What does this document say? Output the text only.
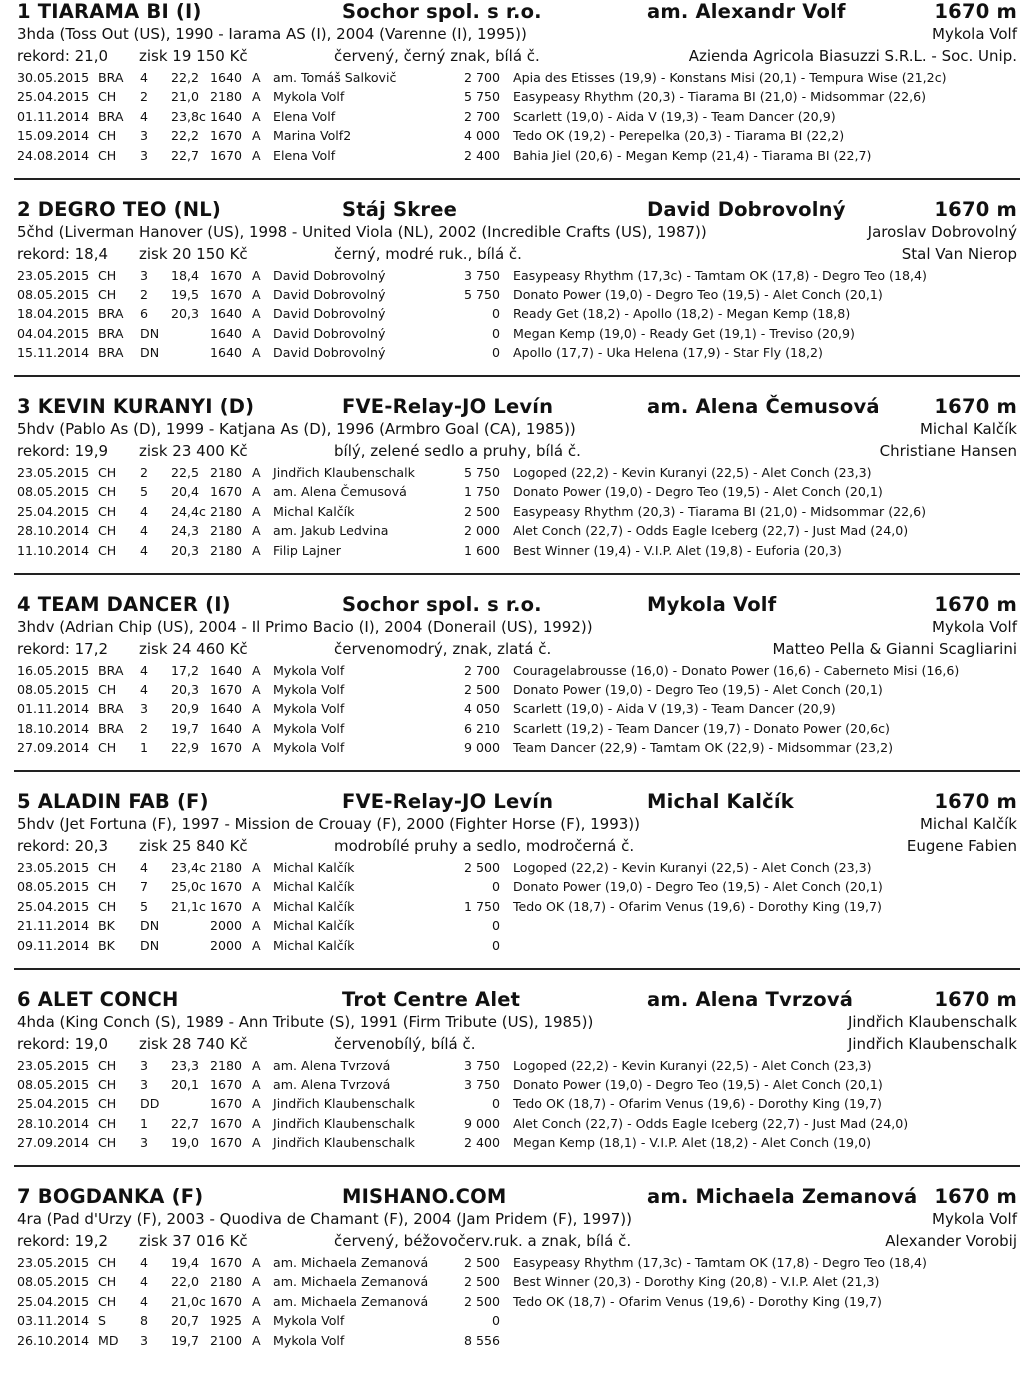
1 TIARAMA BI (I)	Sochor spol. s r.o.	am. Alexandr Volf	1670 m
3hda (Toss Out (US), 1990 - Iarama AS (I), 2004 (Varenne (I), 1995))	Mykola Volf
rekord: 21,0 zisk 19 150 Kč	červený, černý znak, bílá č.	Azienda Agricola Biasuzzi S.R.L. - Soc. Unip.
30.05.2015 BRA 4 22,2 1640 A am. Tomáš Salkovič	2 700 Apia des Etisses (19,9) - Konstans Misi (20,1) - Tempura Wise (21,2c)
25.04.2015 CH 2 21,0 2180 A Mykola Volf	5 750 Easypeasy Rhythm (20,3) - Tiarama BI (21,0) - Midsommar (22,6)
01.11.2014 BRA 4 23,8c 1640 A Elena Volf	2 700 Scarlett (19,0) - Aida V (19,3) - Team Dancer (20,9)
15.09.2014 CH 3 22,2 1670 A Marina Volf2	4 000 Tedo OK (19,2) - Perepelka (20,3) - Tiarama BI (22,2)
24.08.2014 CH 3 22,7 1670 A Elena Volf	2 400 Bahia Jiel (20,6) - Megan Kemp (21,4) - Tiarama BI (22,7)
2 DEGRO TEO (NL)	Stáj Skree	David Dobrovolný	1670 m
5čhd (Liverman Hanover (US), 1998 - United Viola (NL), 2002 (Incredible Crafts (US), 1987))	Jaroslav Dobrovolný
rekord: 18,4 zisk 20 150 Kč	černý, modré ruk., bílá č.	Stal Van Nierop
23.05.2015 CH 3 18,4 1670 A David Dobrovolný	3 750 Easypeasy Rhythm (17,3c) - Tamtam OK (17,8) - Degro Teo (18,4)
08.05.2015 CH 2 19,5 1670 A David Dobrovolný	5 750 Donato Power (19,0) - Degro Teo (19,5) - Alet Conch (20,1)
18.04.2015 BRA 6 20,3 1640 A David Dobrovolný	0 Ready Get (18,2) - Apollo (18,2) - Megan Kemp (18,8)
04.04.2015 BRA DN	1640 A David Dobrovolný	0 Megan Kemp (19,0) - Ready Get (19,1) - Treviso (20,9)
15.11.2014 BRA DN	1640 A David Dobrovolný	0 Apollo (17,7) - Uka Helena (17,9) - Star Fly (18,2)
3 KEVIN KURANYI (D)	FVE-Relay-JO Levín	am. Alena Čemusová	1670 m
5hdv (Pablo As (D), 1999 - Katjana As (D), 1996 (Armbro Goal (CA), 1985))	Michal Kalčík
rekord: 19,9 zisk 23 400 Kč	bílý, zelené sedlo a pruhy, bílá č.	Christiane Hansen
23.05.2015 CH 2 22,5 2180 A Jindřich Klaubenschalk	5 750 Logoped (22,2) - Kevin Kuranyi (22,5) - Alet Conch (23,3)
08.05.2015 CH 5 20,4 1670 A am. Alena Čemusová	1 750 Donato Power (19,0) - Degro Teo (19,5) - Alet Conch (20,1)
25.04.2015 CH 4 24,4c 2180 A Michal Kalčík	2 500 Easypeasy Rhythm (20,3) - Tiarama BI (21,0) - Midsommar (22,6)
28.10.2014 CH 4 24,3 2180 A am. Jakub Ledvina	2 000 Alet Conch (22,7) - Odds Eagle Iceberg (22,7) - Just Mad (24,0)
11.10.2014 CH 4 20,3 2180 A Filip Lajner	1 600 Best Winner (19,4) - V.I.P. Alet (19,8) - Euforia (20,3)
4 TEAM DANCER (I)	Sochor spol. s r.o.	Mykola Volf	1670 m
3hdv (Adrian Chip (US), 2004 - Il Primo Bacio (I), 2004 (Donerail (US), 1992))	Mykola Volf
rekord: 17,2 zisk 24 460 Kč	červenomodrý, znak, zlatá č.	Matteo Pella & Gianni Scagliarini
16.05.2015 BRA 4 17,2 1640 A Mykola Volf	2 700 Couragelabrousse (16,0) - Donato Power (16,6) - Caberneto Misi (16,6)
08.05.2015 CH 4 20,3 1670 A Mykola Volf	2 500 Donato Power (19,0) - Degro Teo (19,5) - Alet Conch (20,1)
01.11.2014 BRA 3 20,9 1640 A Mykola Volf	4 050 Scarlett (19,0) - Aida V (19,3) - Team Dancer (20,9)
18.10.2014 BRA 2 19,7 1640 A Mykola Volf	6 210 Scarlett (19,2) - Team Dancer (19,7) - Donato Power (20,6c)
27.09.2014 CH 1 22,9 1670 A Mykola Volf	9 000 Team Dancer (22,9) - Tamtam OK (22,9) - Midsommar (23,2)
5 ALADIN FAB (F)	FVE-Relay-JO Levín	Michal Kalčík	1670 m
5hdv (Jet Fortuna (F), 1997 - Mission de Crouay (F), 2000 (Fighter Horse (F), 1993))	Michal Kalčík
rekord: 20,3 zisk 25 840 Kč	modrobílé pruhy a sedlo, modročerná č.	Eugene Fabien
23.05.2015 CH 4 23,4c 2180 A Michal Kalčík	2 500 Logoped (22,2) - Kevin Kuranyi (22,5) - Alet Conch (23,3)
08.05.2015 CH 7 25,0c 1670 A Michal Kalčík	0 Donato Power (19,0) - Degro Teo (19,5) - Alet Conch (20,1)
25.04.2015 CH 5 21,1c 1670 A Michal Kalčík	1 750 Tedo OK (18,7) - Ofarim Venus (19,6) - Dorothy King (19,7)
21.11.2014 BK DN	2000 A Michal Kalčík	0
09.11.2014 BK DN	2000 A Michal Kalčík	0
6 ALET CONCH	Trot Centre Alet	am. Alena Tvrzová	1670 m
4hda (King Conch (S), 1989 - Ann Tribute (S), 1991 (Firm Tribute (US), 1985))	Jindřich Klaubenschalk
rekord: 19,0 zisk 28 740 Kč	červenobílý, bílá č.	Jindřich Klaubenschalk
23.05.2015 CH 3 23,3 2180 A am. Alena Tvrzová	3 750 Logoped (22,2) - Kevin Kuranyi (22,5) - Alet Conch (23,3)
08.05.2015 CH 3 20,1 1670 A am. Alena Tvrzová	3 750 Donato Power (19,0) - Degro Teo (19,5) - Alet Conch (20,1)
25.04.2015 CH DD	1670 A Jindřich Klaubenschalk	0 Tedo OK (18,7) - Ofarim Venus (19,6) - Dorothy King (19,7)
28.10.2014 CH 1 22,7 1670 A Jindřich Klaubenschalk	9 000 Alet Conch (22,7) - Odds Eagle Iceberg (22,7) - Just Mad (24,0)
27.09.2014 CH 3 19,0 1670 A Jindřich Klaubenschalk	2 400 Megan Kemp (18,1) - V.I.P. Alet (18,2) - Alet Conch (19,0)
7 BOGDANKA (F)	MISHANO.COM	am. Michaela Zemanová 1670 m
4ra (Pad d'Urzy (F), 2003 - Quodiva de Chamant (F), 2004 (Jam Pridem (F), 1997))	Mykola Volf
rekord: 19,2 zisk 37 016 Kč	červený, béžovočerv.ruk. a znak, bílá č.	Alexander Vorobij
23.05.2015 CH 4 19,4 1670 A am. Michaela Zemanová	2 500 Easypeasy Rhythm (17,3c) - Tamtam OK (17,8) - Degro Teo (18,4)
08.05.2015 CH 4 22,0 2180 A am. Michaela Zemanová	2 500 Best Winner (20,3) - Dorothy King (20,8) - V.I.P. Alet (21,3)
25.04.2015 CH 4 21,0c 1670 A am. Michaela Zemanová	2 500 Tedo OK (18,7) - Ofarim Venus (19,6) - Dorothy King (19,7)
03.11.2014 S	8 20,7 1925 A Mykola Volf	0
26.10.2014 MD 3 19,7 2100 A Mykola Volf	8 556
